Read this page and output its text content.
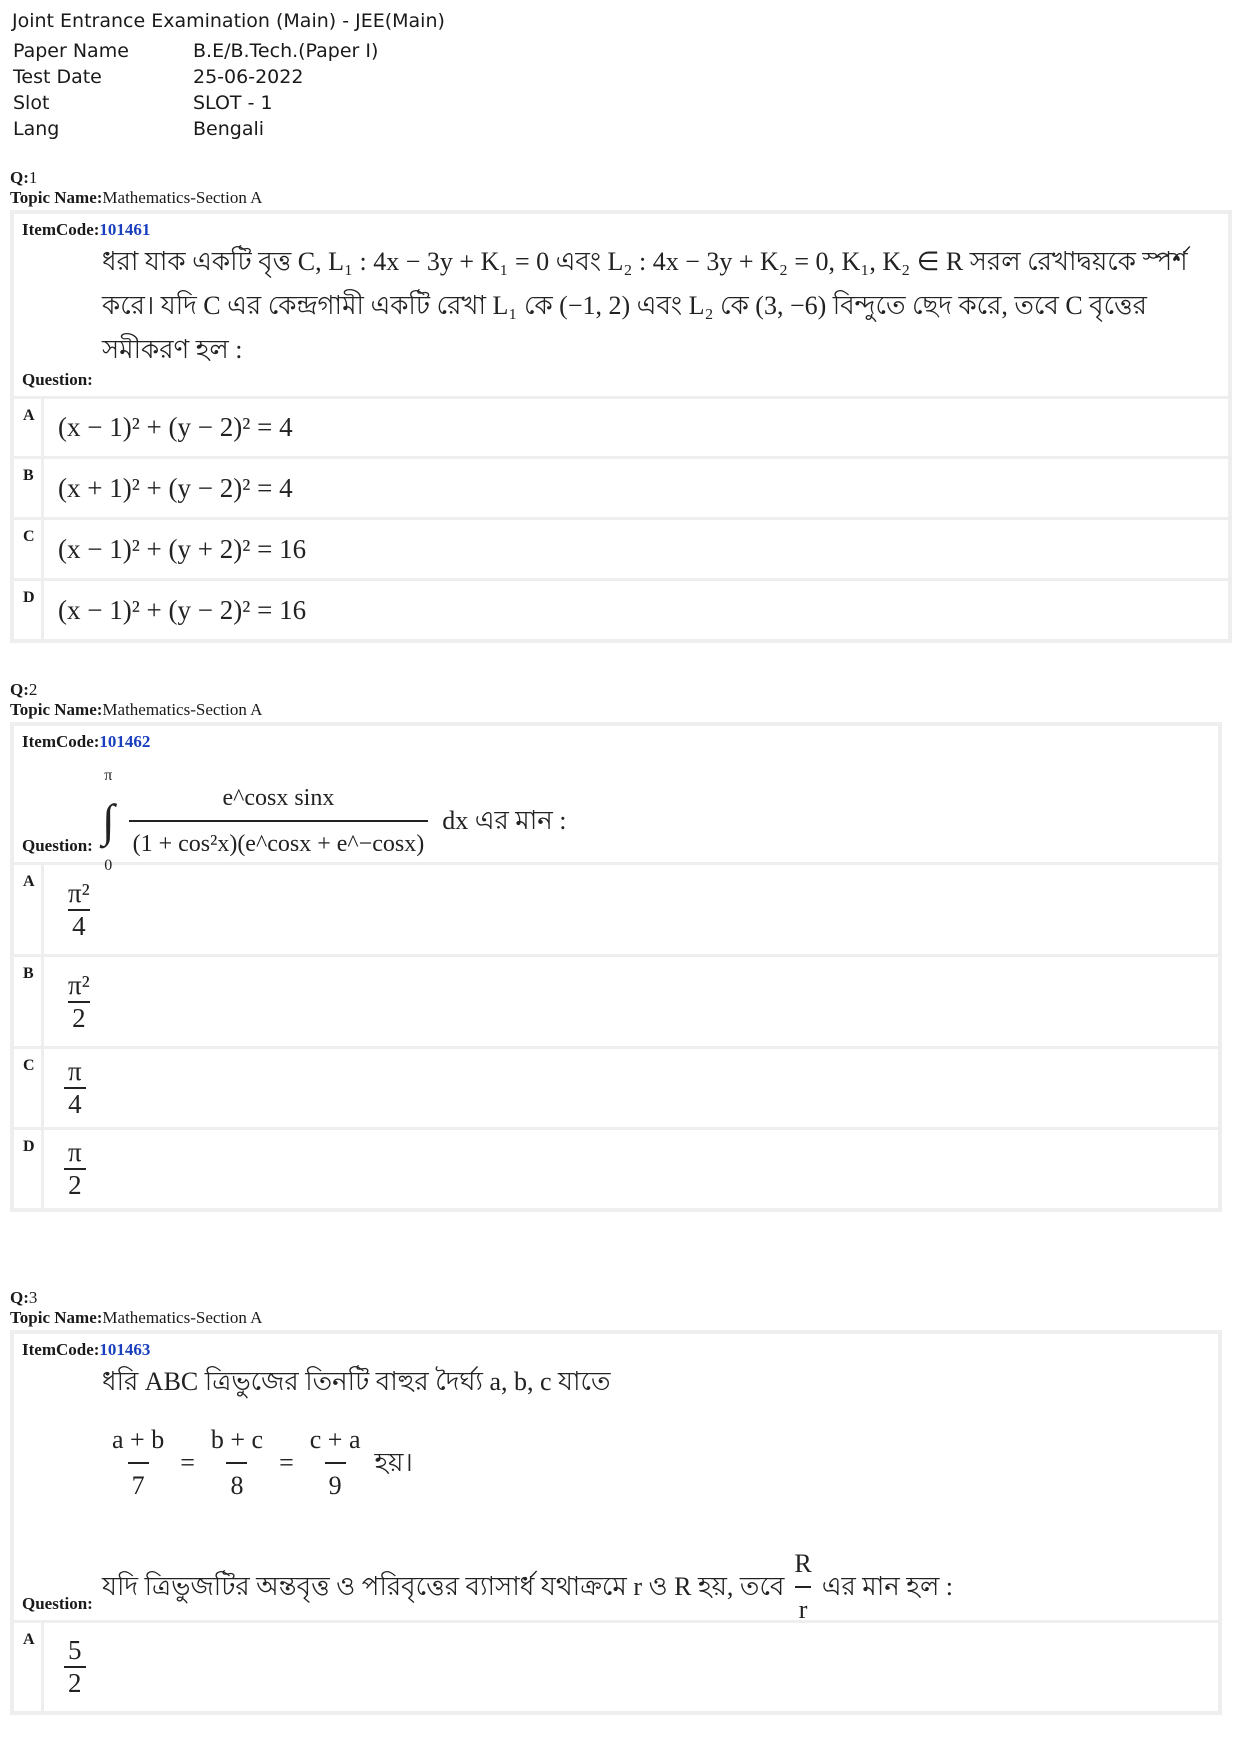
Joint Entrance Examination (Main) - JEE(Main)
Paper Name	B.E/B.Tech.(Paper I)
Test Date	25-06-2022
Slot	SLOT - 1
Lang	Bengali
Q:1
Topic Name:Mathematics-Section A
ItemCode:101461
ধরা যাক একটি বৃত্ত C, L₁ : 4x − 3y + K₁ = 0 এবং L₂ : 4x − 3y + K₂ = 0, K₁, K₂ ∈ R সরল রেখাদ্বয়কে স্পর্শ করে। যদি C এর কেন্দ্রগামী একটি রেখা L₁ কে (−1, 2) এবং L₂ কে (3, −6) বিন্দুতে ছেদ করে, তবে C বৃত্তের সমীকরণ হল :
Question:
A (x − 1)² + (y − 2)² = 4
B (x + 1)² + (y − 2)² = 4
C (x − 1)² + (y + 2)² = 16
D (x − 1)² + (y − 2)² = 16
Q:2
Topic Name:Mathematics-Section A
ItemCode:101462
π
∫
$0 \frac{\text{e\textasciicircum{}cosx sinx}}{\text{(1 + cos²x)(e\textasciicircum{}cosx + e\textasciicircum{}−cosx)}}$ dx এর মান :
Question:
A	$\frac{\text{π²}}{4}$
B	$\frac{\text{π²}}{2}$
C	$\frac{\pi}{4}$
D	$\frac{\pi}{2}$
Q:3
Topic Name:Mathematics-Section A
ItemCode:101463
ধরি ABC ত্রিভুজের তিনটি বাহুর দৈর্ঘ্য a, b, c যাতে
$\frac{a + b}{7} = \frac{b + c}{8} = \frac{c + a}{9}$ হয়।
যদি ত্রিভুজটির অন্তবৃত্ত ও পরিবৃত্তের ব্যাসার্ধ যথাক্রমে r ও R হয়, তবে $\frac{R}{r}$ এর মান হল :
Question:
A	$\frac{5}{2}$
